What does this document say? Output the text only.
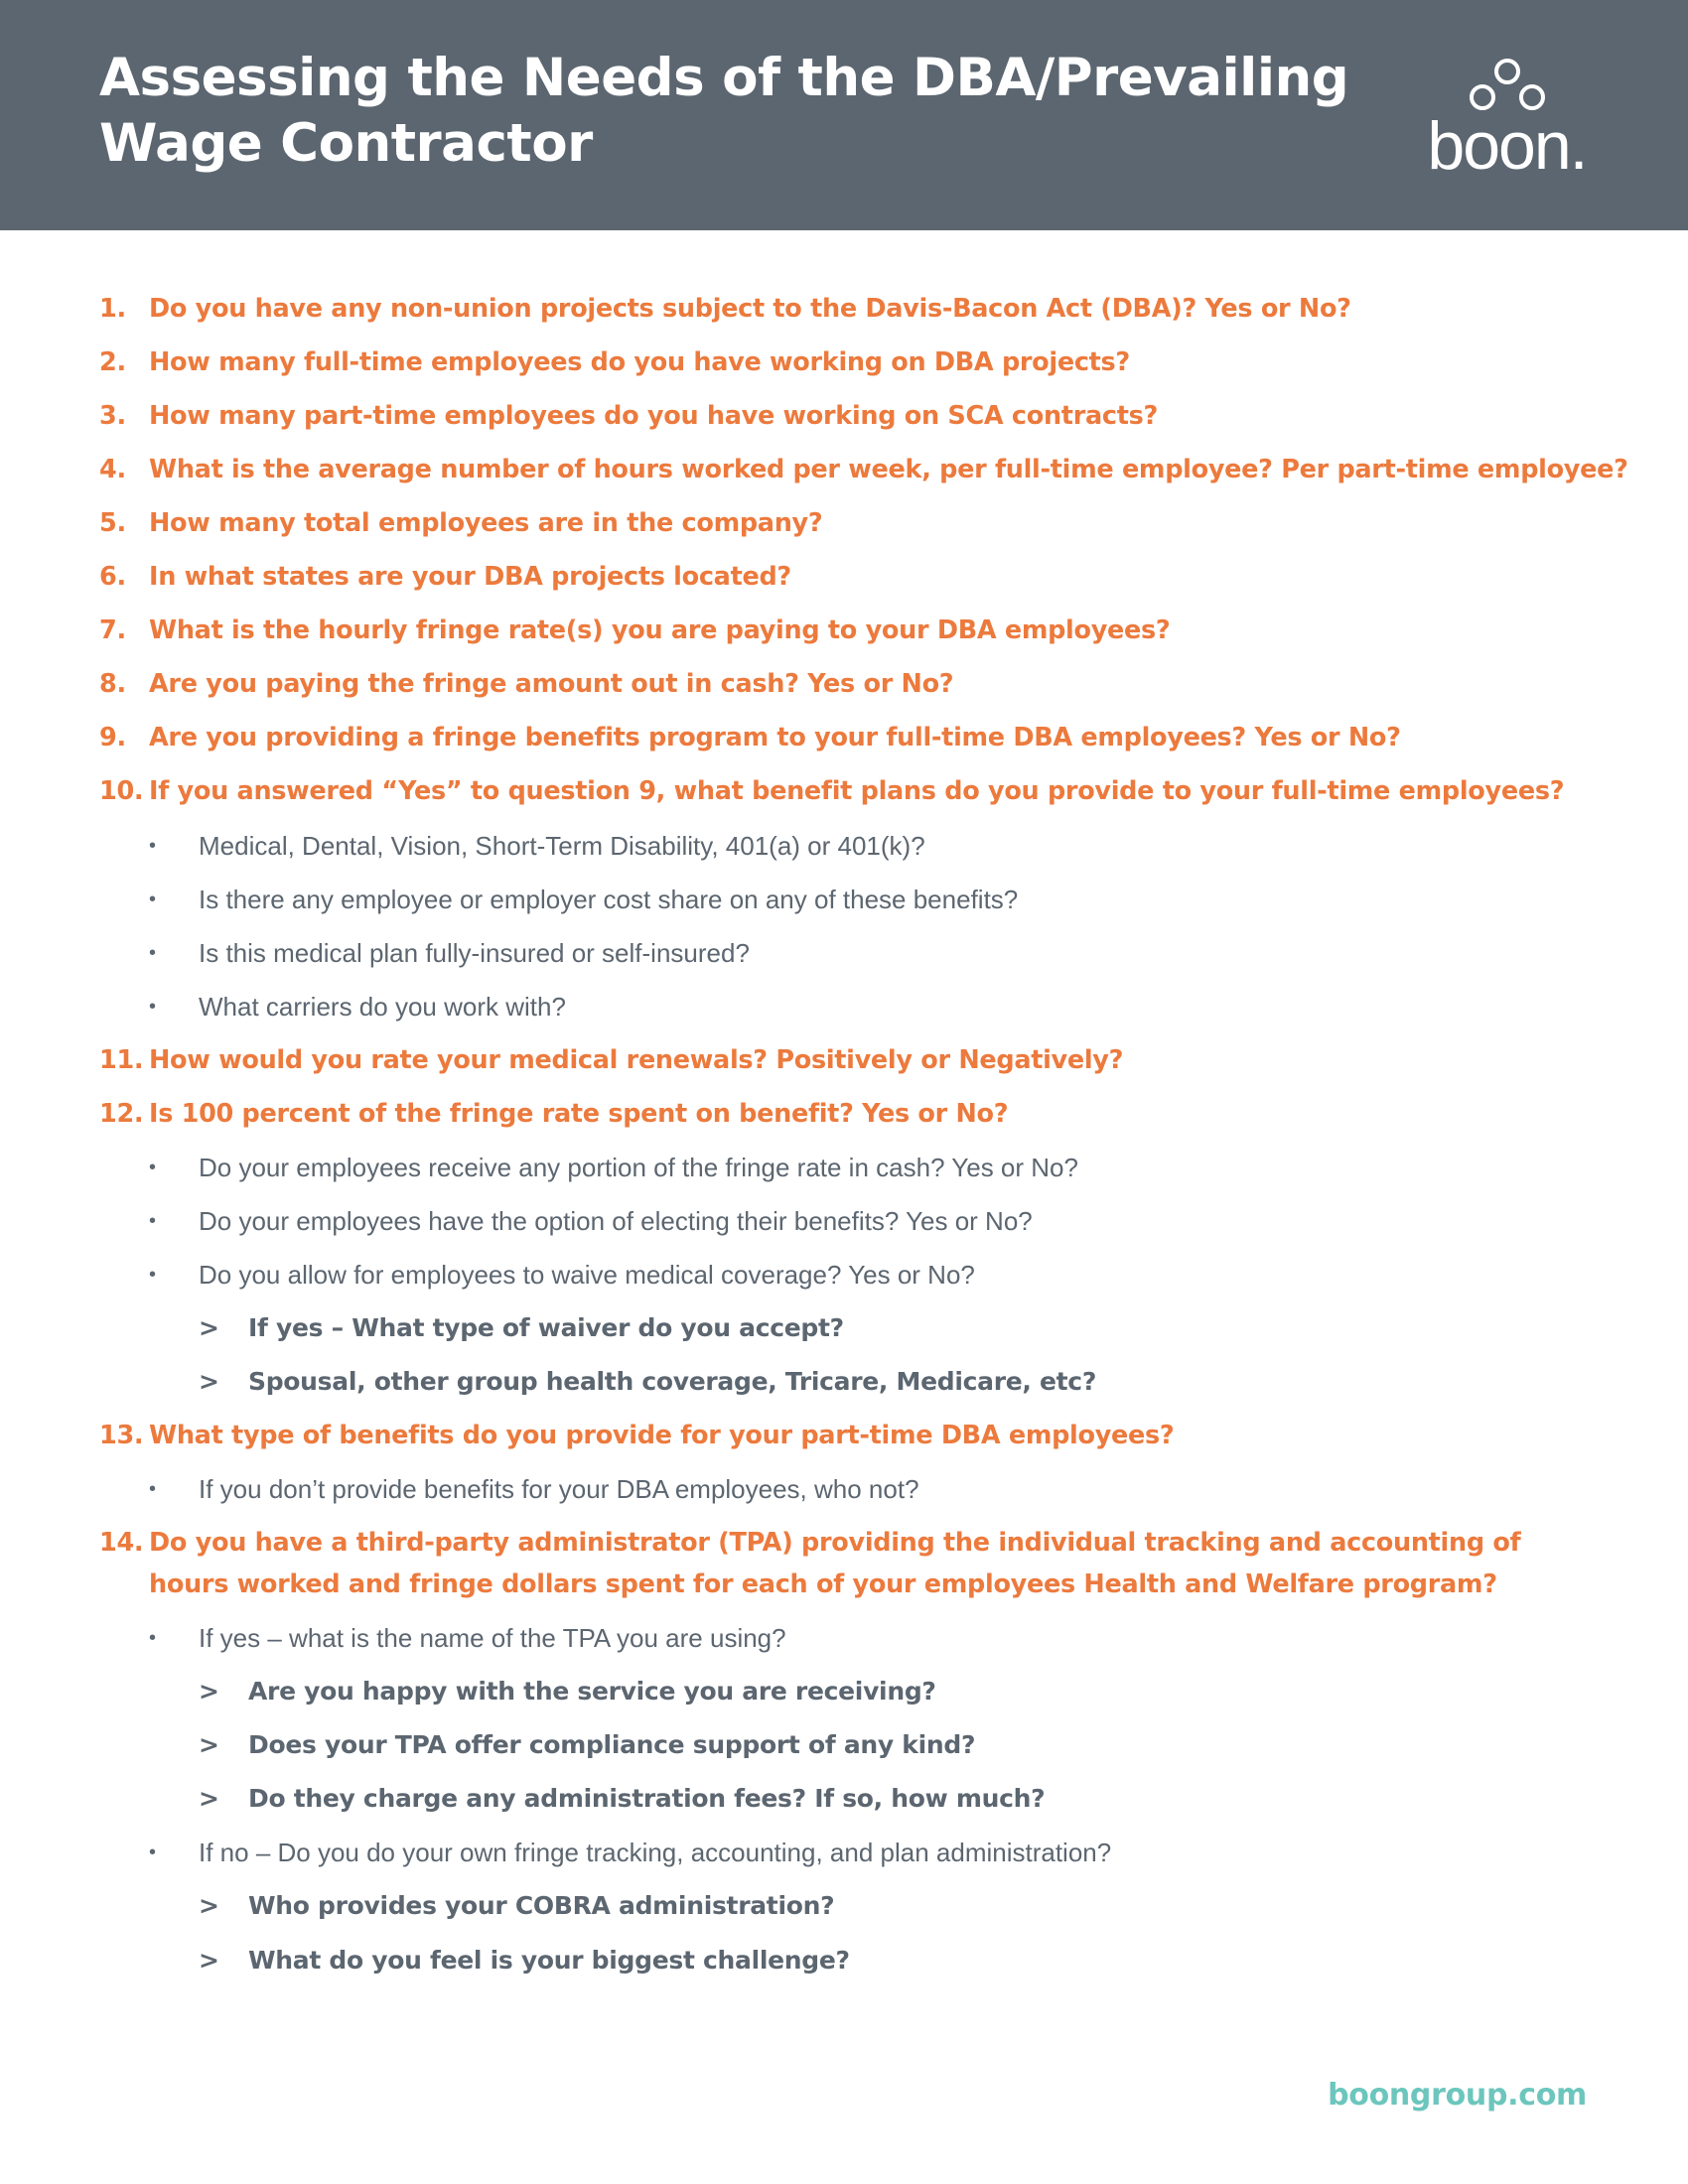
Assessing the Needs of the DBA/Prevailing
Wage Contractor	boon.
1. Do you have any non-union projects subject to the Davis-Bacon Act (DBA)? Yes or No?
2. How many full-time employees do you have working on DBA projects?
3. How many part-time employees do you have working on SCA contracts?
4. What is the average number of hours worked per week, per full-time employee? Per part-time employee?
5. How many total employees are in the company?
6. In what states are your DBA projects located?
7. What is the hourly fringe rate(s) you are paying to your DBA employees?
8. Are you paying the fringe amount out in cash? Yes or No?
9. Are you providing a fringe benefits program to your full-time DBA employees? Yes or No?
10. If you answered “Yes” to question 9, what benefit plans do you provide to your full-time employees?
• Medical, Dental, Vision, Short-Term Disability, 401(a) or 401(k)?
• Is there any employee or employer cost share on any of these benefits?
• Is this medical plan fully-insured or self-insured?
• What carriers do you work with?
11. How would you rate your medical renewals? Positively or Negatively?
12. Is 100 percent of the fringe rate spent on benefit? Yes or No?
• Do your employees receive any portion of the fringe rate in cash? Yes or No?
• Do your employees have the option of electing their benefits? Yes or No?
• Do you allow for employees to waive medical coverage? Yes or No?
> If yes – What type of waiver do you accept?
> Spousal, other group health coverage, Tricare, Medicare, etc?
13. What type of benefits do you provide for your part-time DBA employees?
• If you don’t provide benefits for your DBA employees, who not?
14. Do you have a third-party administrator (TPA) providing the individual tracking and accounting of hours worked and fringe dollars spent for each of your employees Health and Welfare program?
• If yes – what is the name of the TPA you are using?
> Are you happy with the service you are receiving?
> Does your TPA offer compliance support of any kind?
> Do they charge any administration fees? If so, how much?
• If no – Do you do your own fringe tracking, accounting, and plan administration?
> Who provides your COBRA administration?
> What do you feel is your biggest challenge?
boongroup.com
